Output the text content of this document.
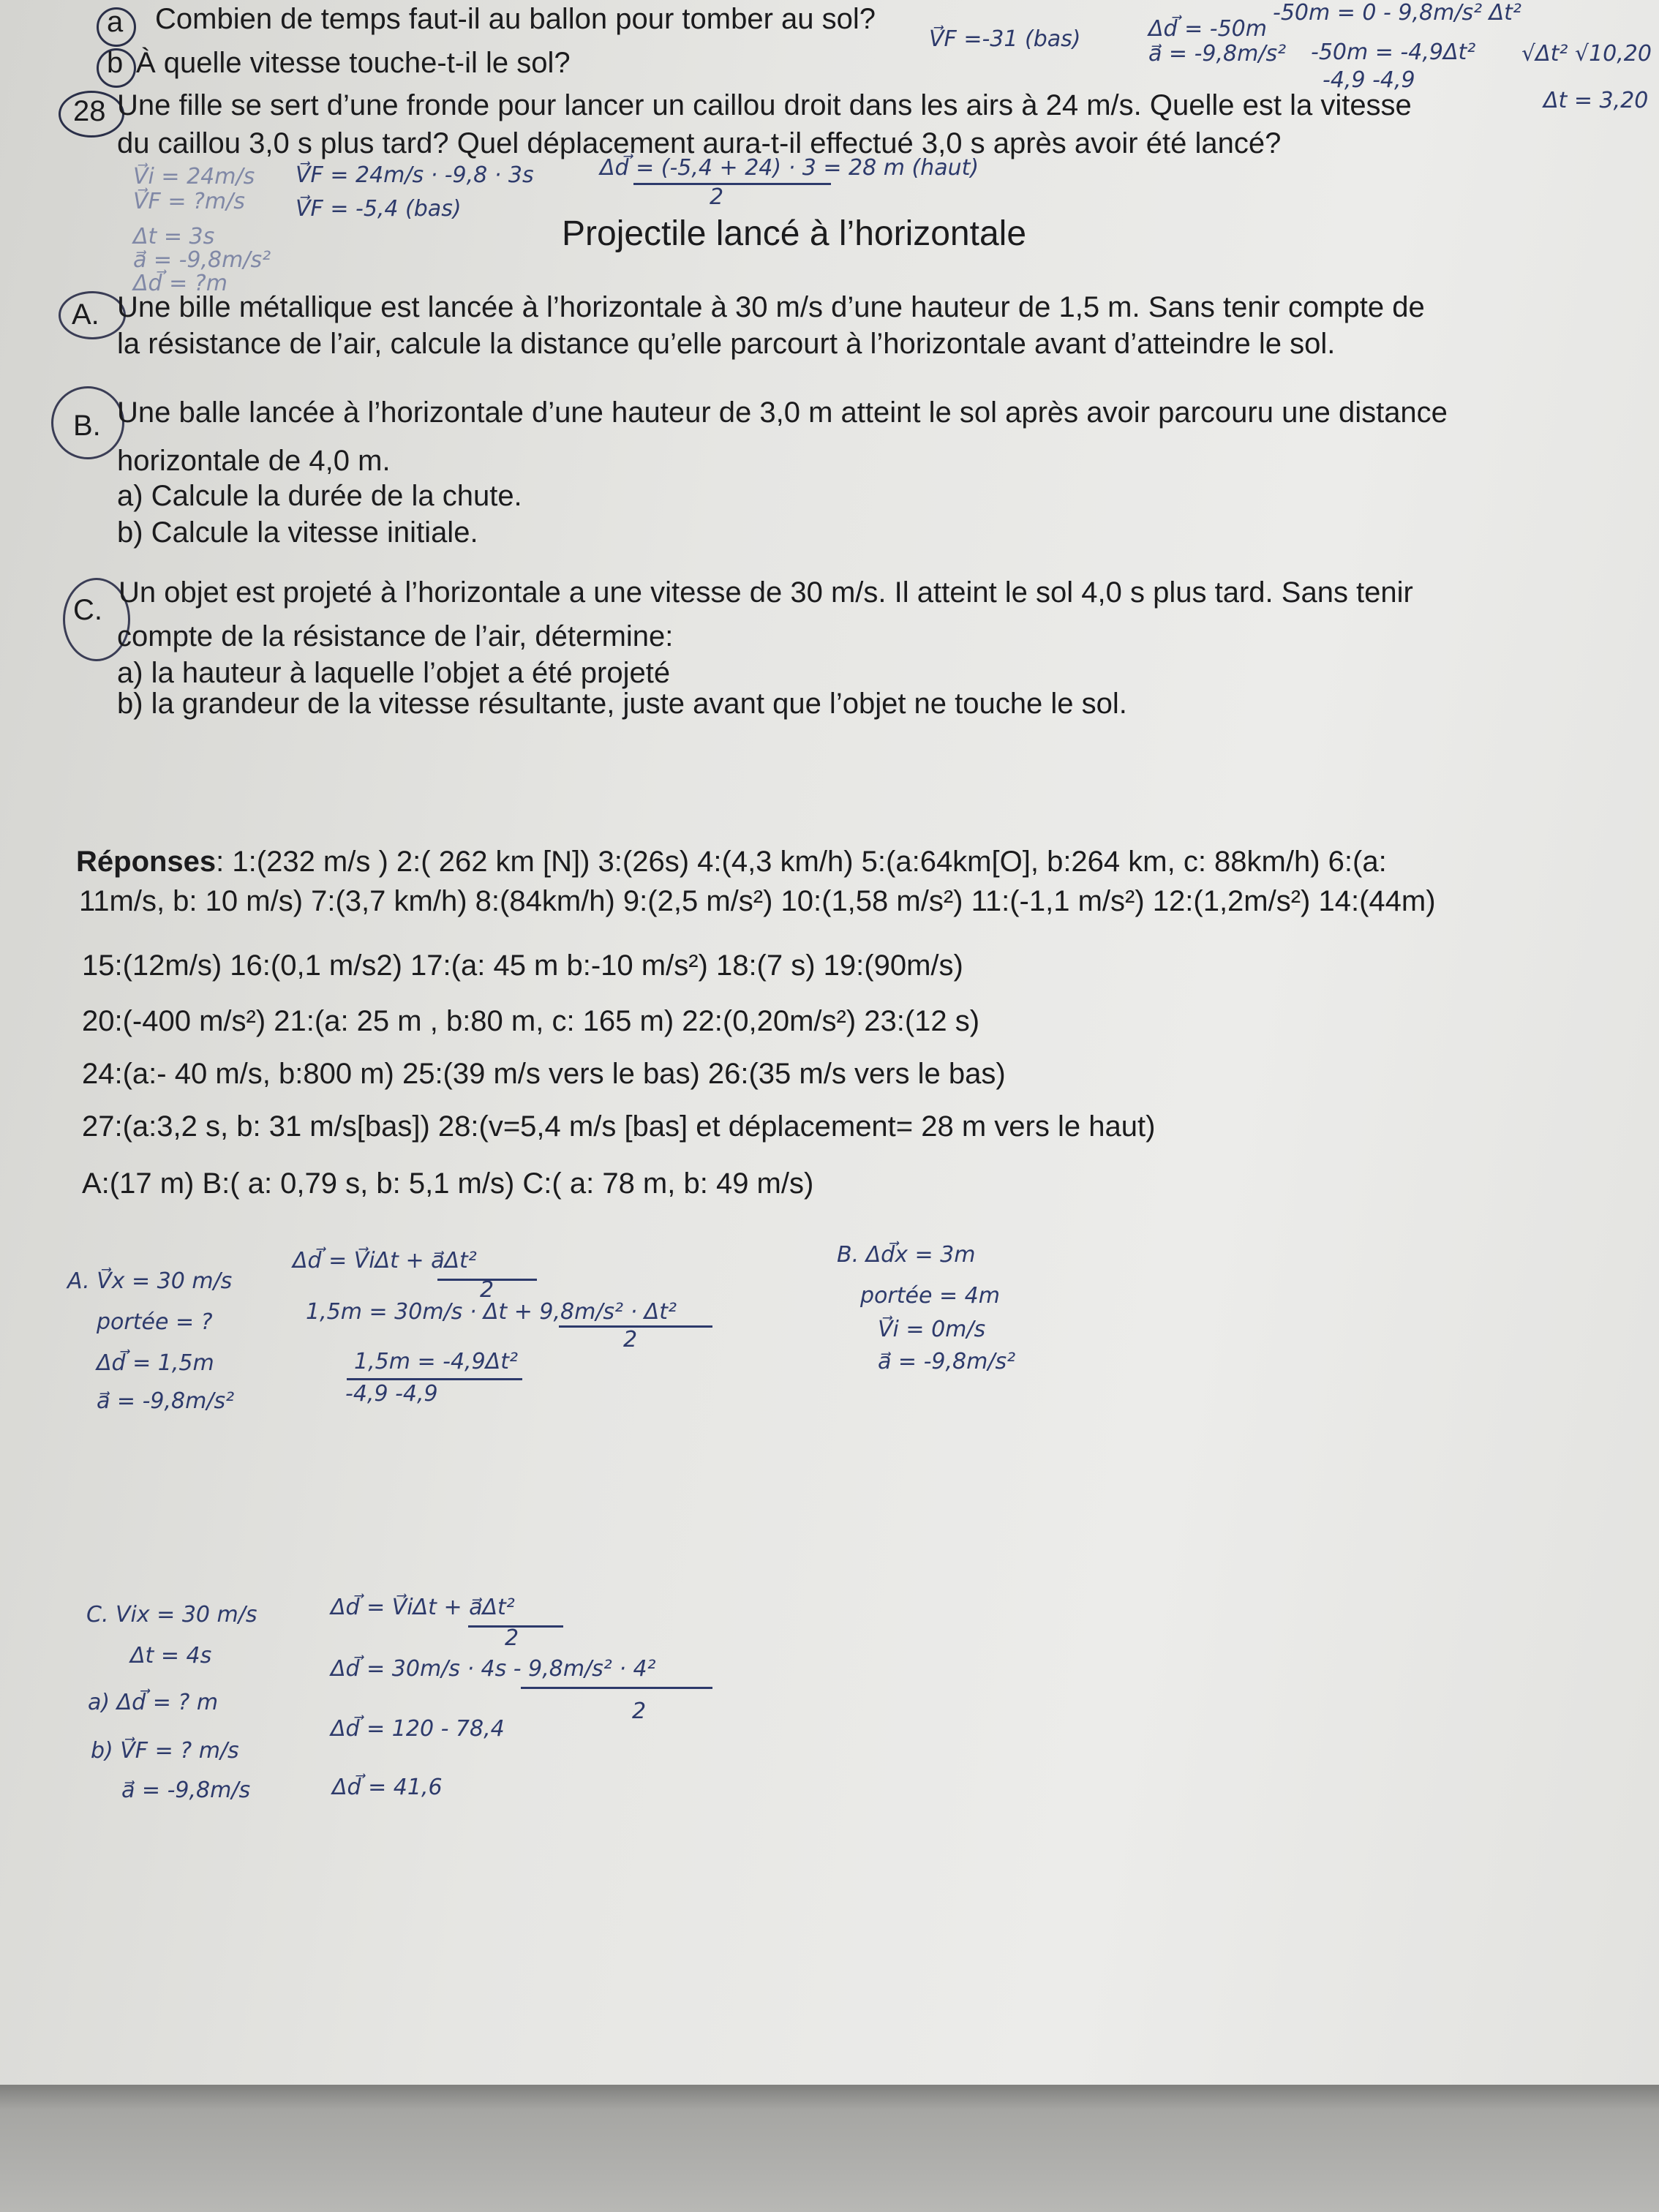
a
b
28
Combien de temps faut-il au ballon pour tomber au sol?
À quelle vitesse touche-t-il le sol?
Une fille se sert d’une fronde pour lancer un caillou droit dans les airs à 24 m/s. Quelle est la vitesse
du caillou 3,0 s plus tard? Quel déplacement aura-t-il effectué 3,0 s après avoir été lancé?
Projectile lancé à l’horizontale
A. Une bille métallique est lancée à l’horizontale à 30 m/s d’une hauteur de 1,5 m. Sans tenir compte de
la résistance de l’air, calcule la distance qu’elle parcourt à l’horizontale avant d’atteindre le sol.
B. Une balle lancée à l’horizontale d’une hauteur de 3,0 m atteint le sol après avoir parcouru une distance
horizontale de 4,0 m.
a) Calcule la durée de la chute.
b) Calcule la vitesse initiale.
C.
Un objet est projeté à l’horizontale a une vitesse de 30 m/s. Il atteint le sol 4,0 s plus tard. Sans tenir
compte de la résistance de l’air, détermine:
a) la hauteur à laquelle l’objet a été projeté
b) la grandeur de la vitesse résultante, juste avant que l’objet ne touche le sol.
Réponses: 1:(232 m/s ) 2:( 262 km [N]) 3:(26s) 4:(4,3 km/h) 5:(a:64km[O], b:264 km, c: 88km/h) 6:(a:
11m/s, b: 10 m/s) 7:(3,7 km/h) 8:(84km/h) 9:(2,5 m/s²) 10:(1,58 m/s²) 11:(-1,1 m/s²) 12:(1,2m/s²) 14:(44m)
15:(12m/s) 16:(0,1 m/s2) 17:(a: 45 m b:-10 m/s²) 18:(7 s) 19:(90m/s)
20:(-400 m/s²) 21:(a: 25 m , b:80 m, c: 165 m) 22:(0,20m/s²) 23:(12 s)
24:(a:- 40 m/s, b:800 m) 25:(39 m/s vers le bas) 26:(35 m/s vers le bas)
27:(a:3,2 s, b: 31 m/s[bas]) 28:(v=5,4 m/s [bas] et déplacement= 28 m vers le haut)
A:(17 m) B:( a: 0,79 s, b: 5,1 m/s) C:( a: 78 m, b: 49 m/s)
V⃗F =-31 (bas)	Δd⃗ = -50m
a⃗ = -9,8m/s²
-50m = 0 - 9,8m/s² Δt²
-50m = -4,9Δt²
-4,9 -4,9
√Δt² √10,20
Δt = 3,20
V⃗i = 24m/s
V⃗F = ?m/s
Δt = 3s
a⃗ = -9,8m/s²
Δd⃗ = ?m
V⃗F = 24m/s · -9,8 · 3s
V⃗F = -5,4 (bas)
Δd⃗ = (-5,4 + 24) · 3 = 28 m (haut)
2
A. V⃗x = 30 m/s
portée = ?
Δd⃗ = 1,5m
a⃗ = -9,8m/s²
Δd⃗ = V⃗iΔt + a⃗Δt²
2
1,5m = 30m/s · Δt + 9,8m/s² · Δt²
2
1,5m = -4,9Δt²
-4,9 -4,9
B. Δd⃗x = 3m
portée = 4m
V⃗i = 0m/s
a⃗ = -9,8m/s²
C. Vix = 30 m/s
Δt = 4s
a) Δd⃗ = ? m
b) V⃗F = ? m/s
a⃗ = -9,8m/s
Δd⃗ = V⃗iΔt + a⃗Δt²
2
Δd⃗ = 30m/s · 4s - 9,8m/s² · 4²
2
Δd⃗ = 120 - 78,4
Δd⃗ = 41,6
